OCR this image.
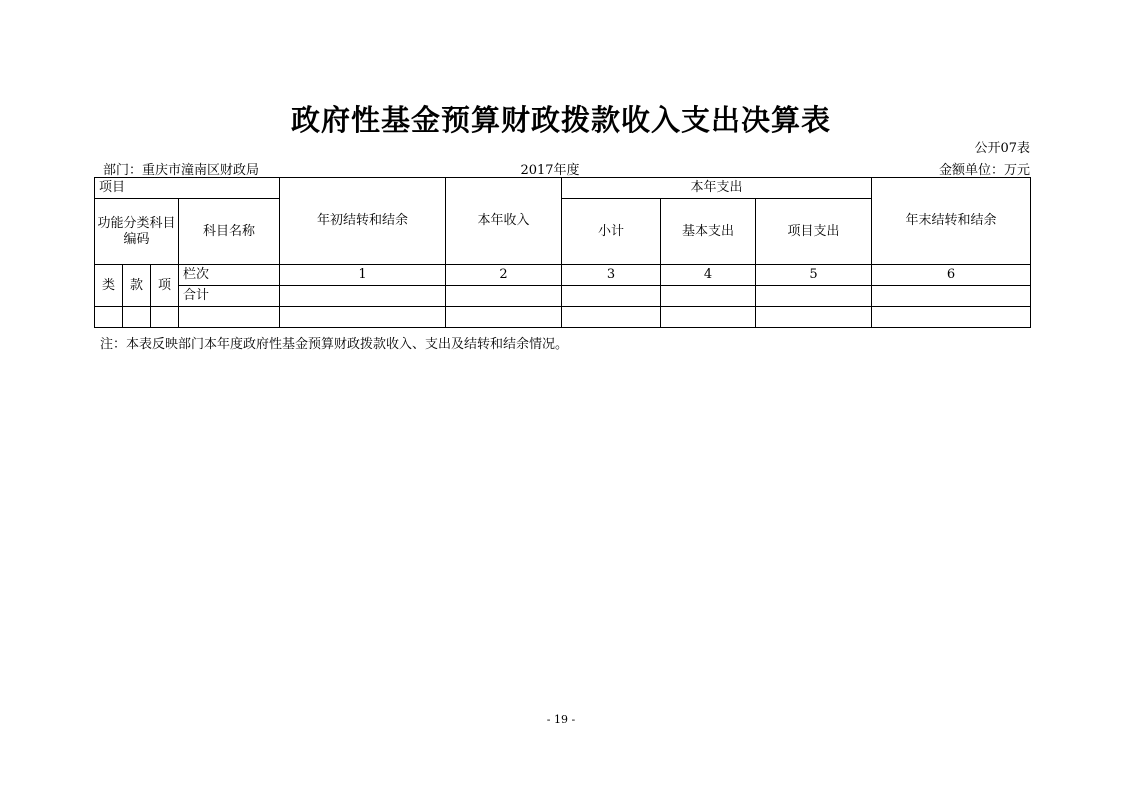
政府性基金预算财政拨款收入支出决算表
公开07表
部门：重庆市潼南区财政局	2017年度	金额单位：万元
项目				年初结转和结余	本年收入	本年支出			年末结转和结余
功能分类科目编码			科目名称			小计	基本支出	项目支出	

类	款	项	栏次	1	2	3	4	5	6
			合计						

注：本表反映部门本年度政府性基金预算财政拨款收入、支出及结转和结余情况。
- 19 -
